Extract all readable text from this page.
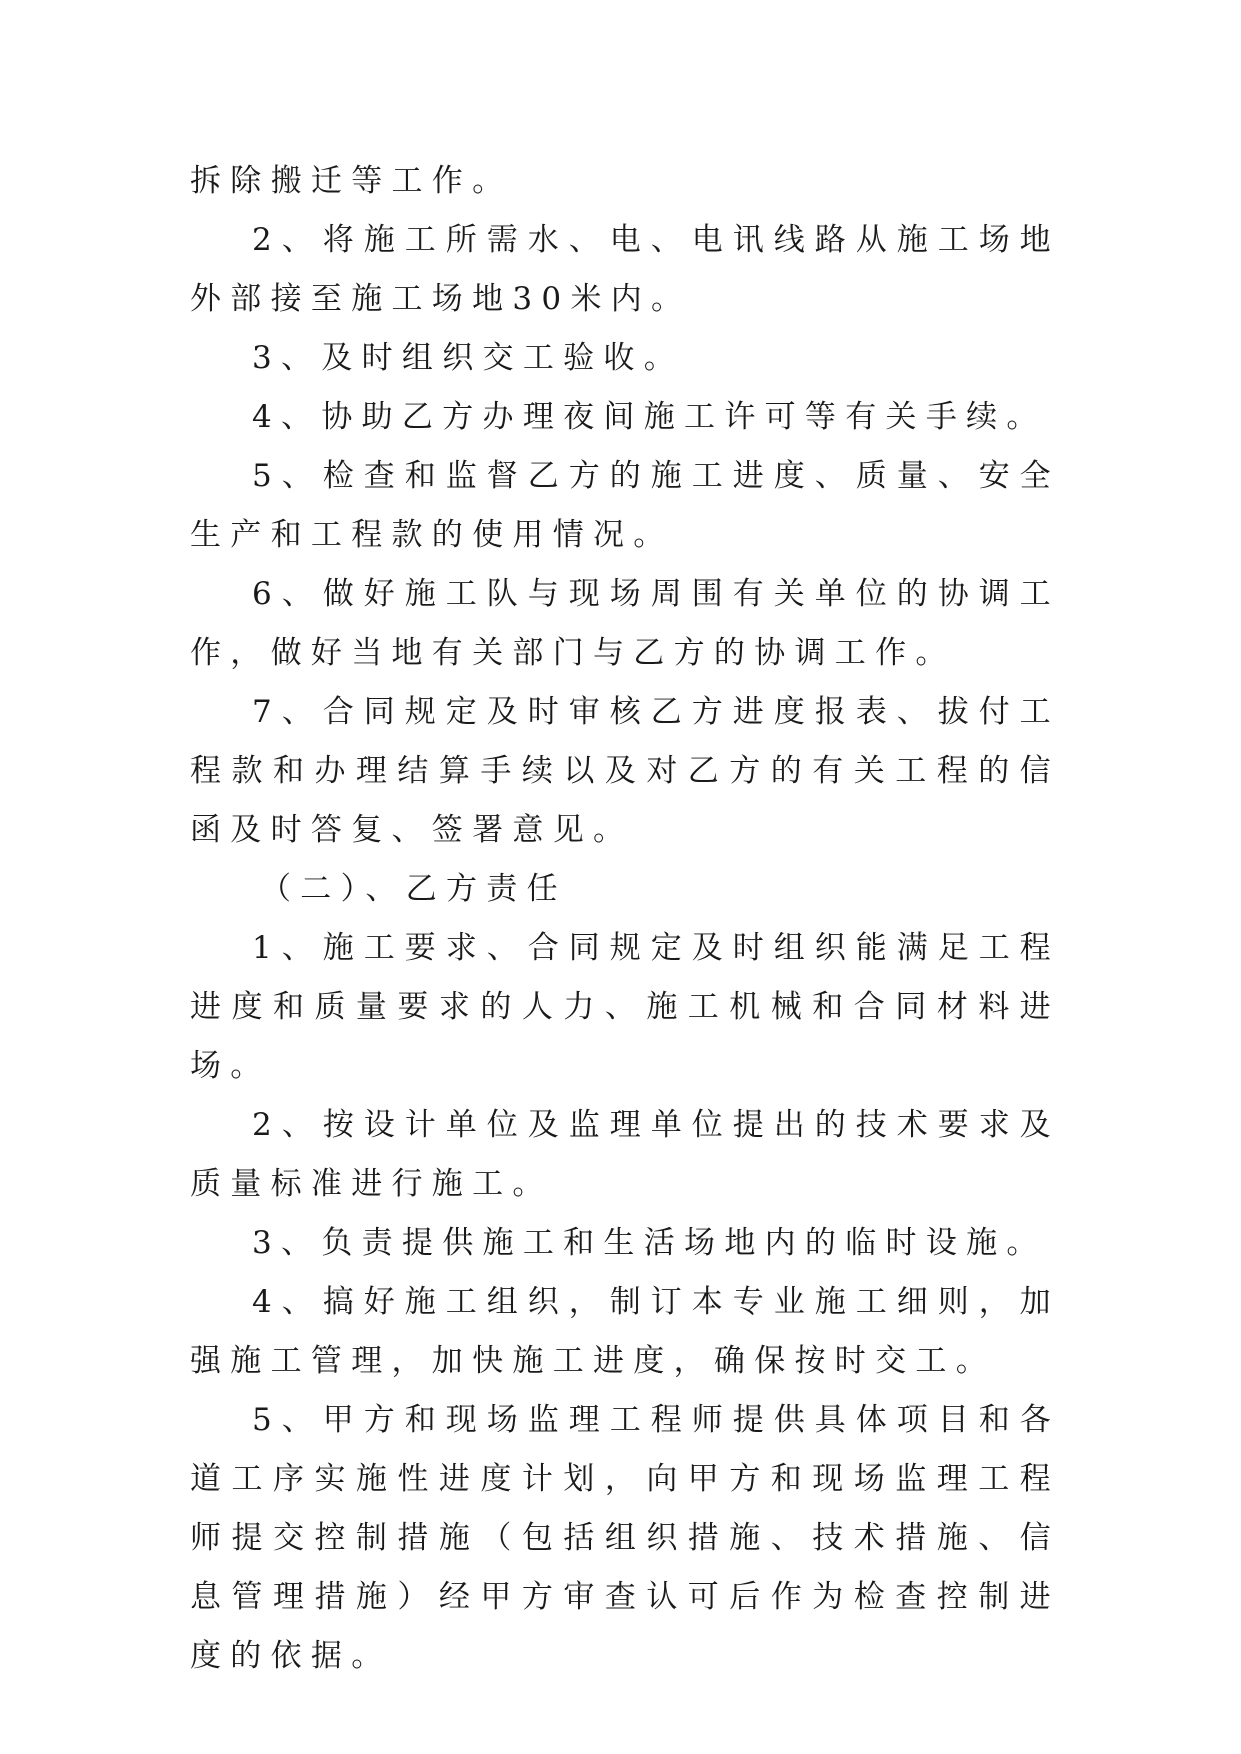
拆除搬迁等工作。

2、将施工所需水、电、电讯线路从施工场地外部接至施工场地30米内。

3、及时组织交工验收。

4、协助乙方办理夜间施工许可等有关手续。

5、检查和监督乙方的施工进度、质量、安全生产和工程款的使用情况。

6、做好施工队与现场周围有关单位的协调工作，做好当地有关部门与乙方的协调工作。

7、合同规定及时审核乙方进度报表、拔付工程款和办理结算手续以及对乙方的有关工程的信函及时答复、签署意见。

（二）、乙方责任

1、施工要求、合同规定及时组织能满足工程进度和质量要求的人力、施工机械和合同材料进场。

2、按设计单位及监理单位提出的技术要求及质量标准进行施工。

3、负责提供施工和生活场地内的临时设施。

4、搞好施工组织，制订本专业施工细则，加强施工管理，加快施工进度，确保按时交工。

5、甲方和现场监理工程师提供具体项目和各道工序实施性进度计划，向甲方和现场监理工程师提交控制措施（包括组织措施、技术措施、信息管理措施）经甲方审查认可后作为检查控制进度的依据。
